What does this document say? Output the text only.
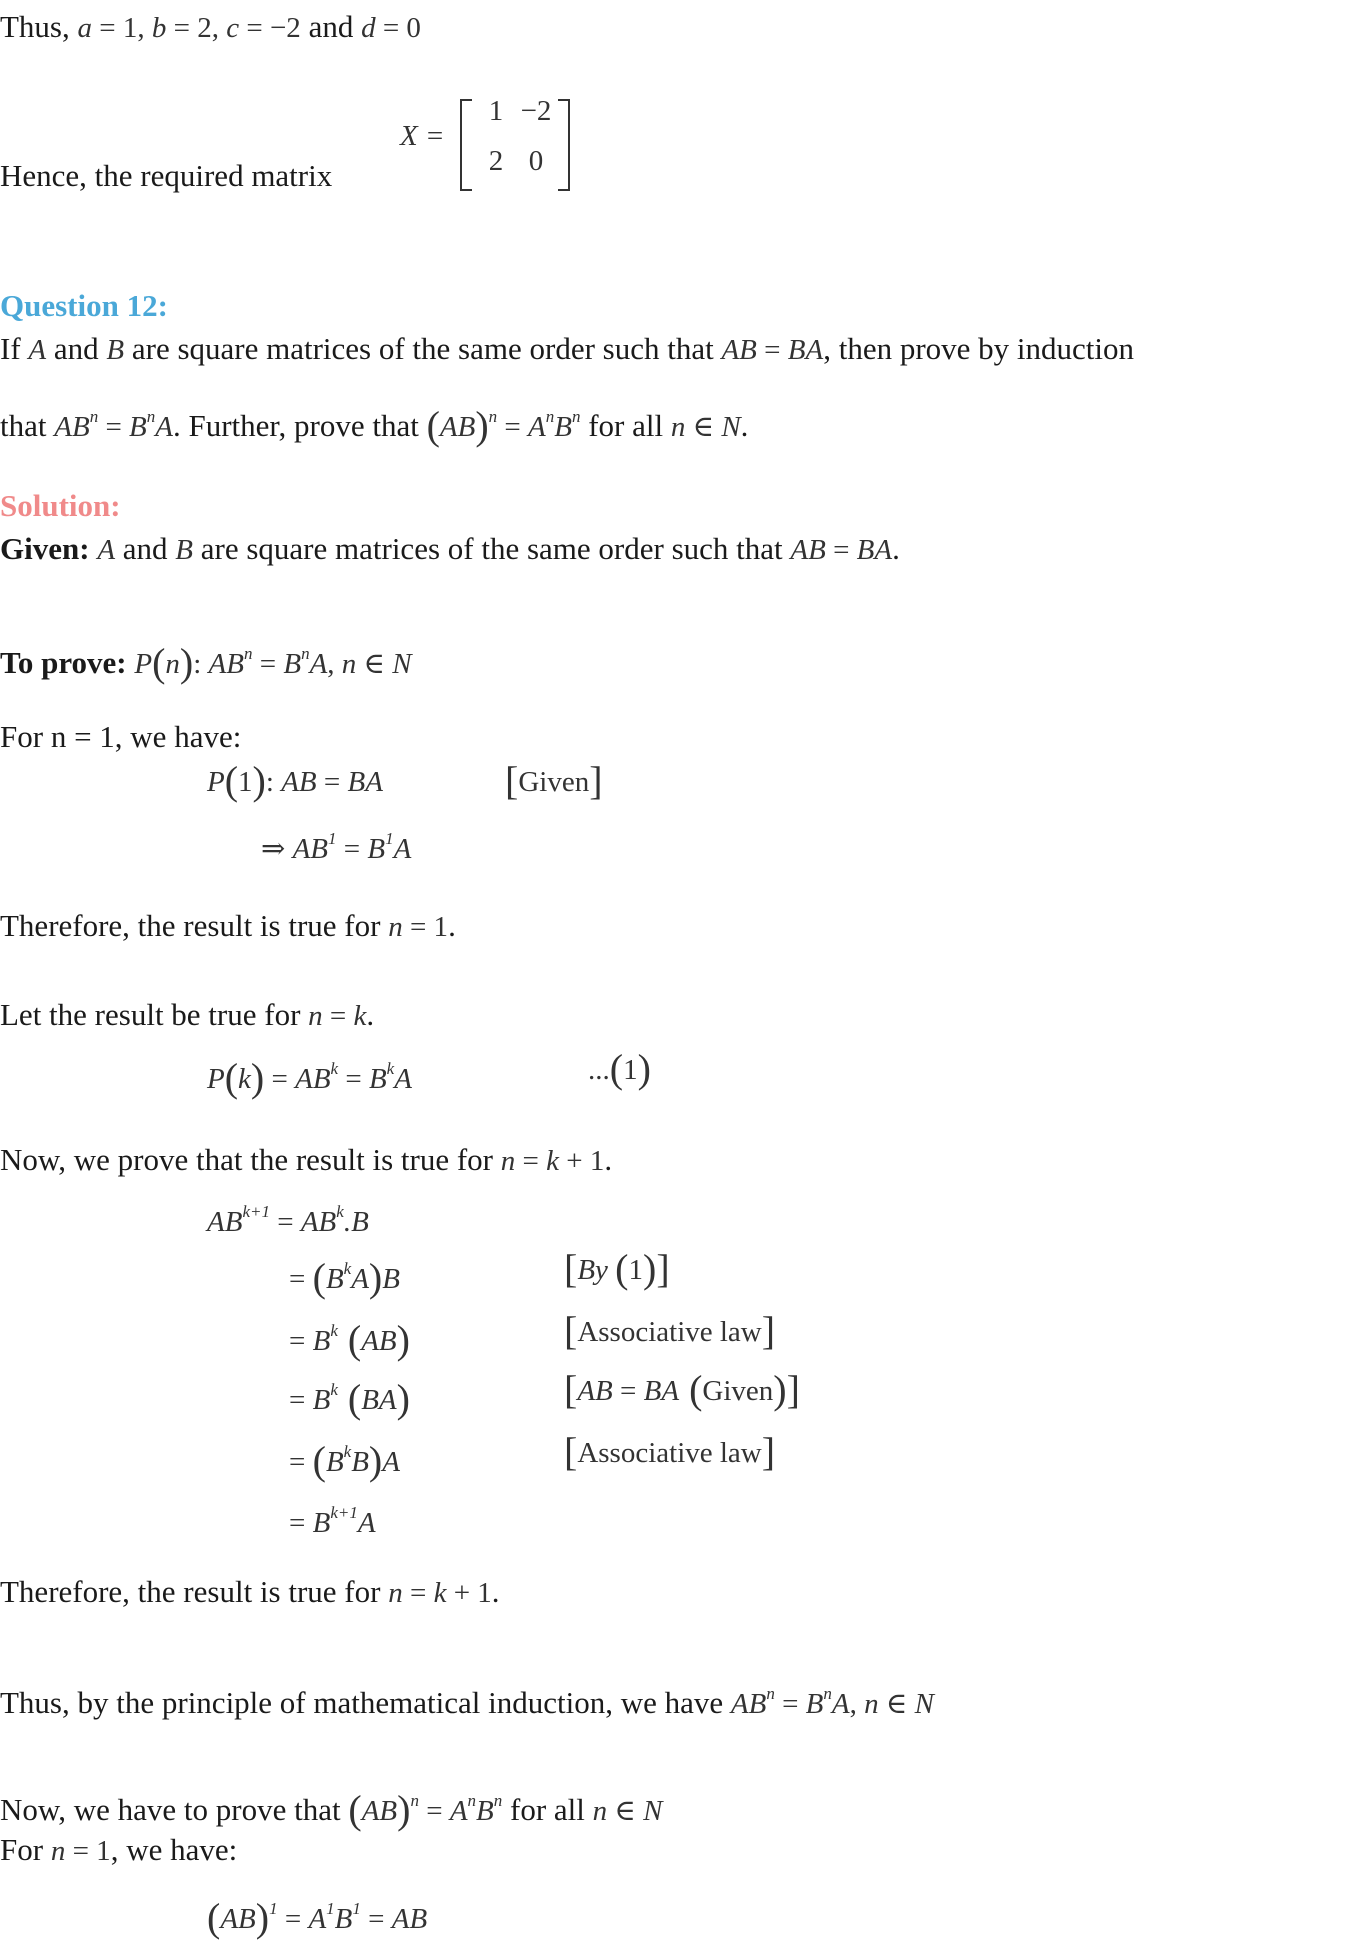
X =
1 −2
2 0
Thus, a = 1, b = 2, c = −2 and d = 0
Hence, the required matrix
Question 12:
If A and B are square matrices of the same order such that AB = BA, then prove by induction
that $AB^n = B^nA$. Further, prove that $(AB)^n = A^nB^n$ for all n ∈ N.
Solution:
Given: A and B are square matrices of the same order such that AB = BA.
To prove: P(n): $AB^n = B^nA$, n ∈ N
For n = 1, we have:
P(1): AB = BA	[Given]
⇒ $AB^1 = B^1A$
Therefore, the result is true for n = 1.
Let the result be true for n = k.
$P(k) = AB^k = B^kA$	...(1)
Now, we prove that the result is true for n = k + 1.
$AB^{k+1} = AB^k.B$
= $(B^kA)B$	[By (1)]
= $B^k$ (AB)	[Associative law]
= $B^k$ (BA)	[AB = BA (Given)]
= $(B^kB)A$	[Associative law]
= $B^{k+1}A$
Therefore, the result is true for n = k + 1.
Thus, by the principle of mathematical induction, we have $AB^n = B^nA$, n ∈ N
Now, we have to prove that $(AB)^n = A^nB^n$ for all n ∈ N
For n = 1, we have:
$(AB)^1 = A^1B^1$ = AB
